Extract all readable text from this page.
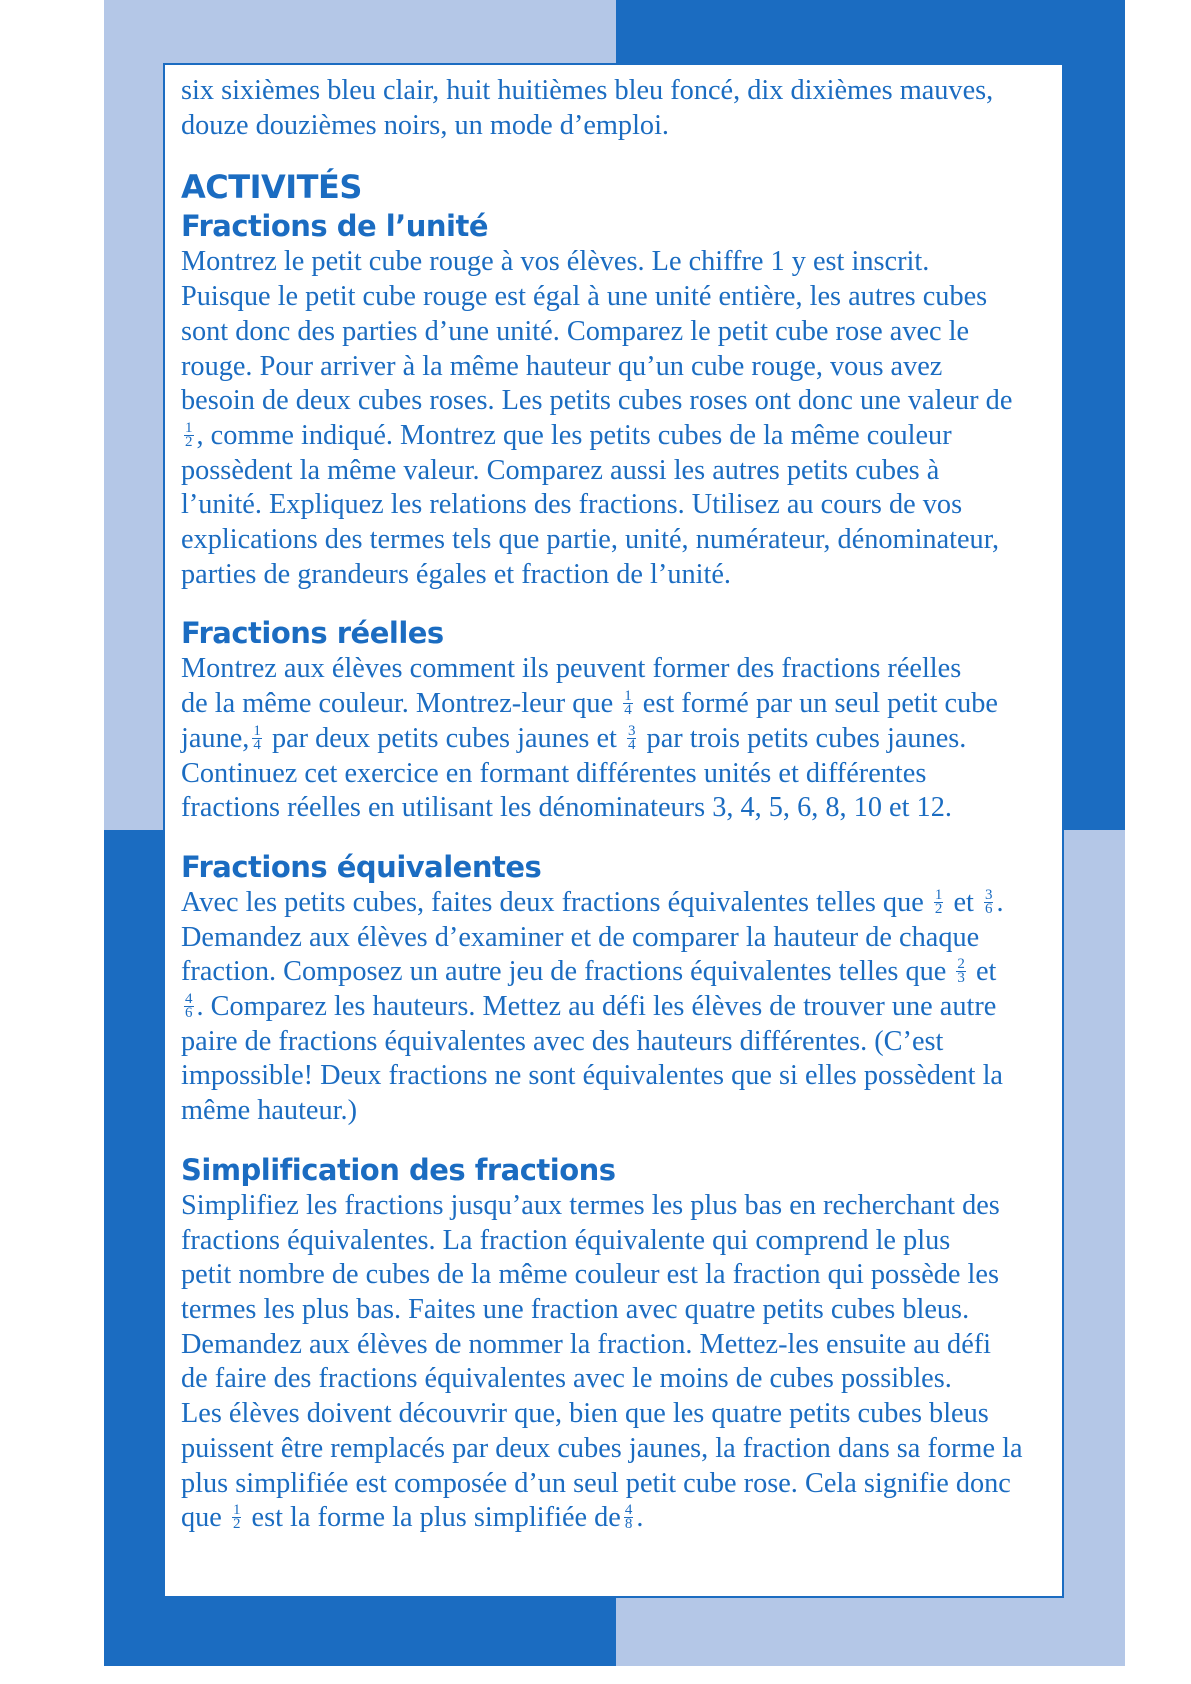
six sixièmes bleu clair, huit huitièmes bleu foncé, dix dixièmes mauves,
douze douzièmes noirs, un mode d’emploi.

ACTIVITÉS
Fractions de l’unité

Montrez le petit cube rouge à vos élèves. Le chiffre 1 y est inscrit.
Puisque le petit cube rouge est égal à une unité entière, les autres cubes
sont donc des parties d’une unité. Comparez le petit cube rose avec le
rouge. Pour arriver à la même hauteur qu’un cube rouge, vous avez
besoin de deux cubes roses. Les petits cubes roses ont donc une valeur de

$\frac{1}{2}$ , comme indiqué. Montrez que les petits cubes de la même couleur
possèdent la même valeur. Comparez aussi les autres petits cubes à
l’unité. Expliquez les relations des fractions. Utilisez au cours de vos
explications des termes tels que partie, unité, numérateur, dénominateur,
parties de grandeurs égales et fraction de l’unité.

Fractions réelles

Montrez aux élèves comment ils peuvent former des fractions réelles
de la même couleur. Montrez-leur que $\frac{1}{4}$ est formé par un seul petit cube
jaune, $\frac{1}{4}$ par deux petits cubes jaunes et $\frac{3}{4}$ par trois petits cubes jaunes.
Continuez cet exercice en formant différentes unités et différentes
fractions réelles en utilisant les dénominateurs 3, 4, 5, 6, 8, 10 et 12.

Fractions équivalentes

Avec les petits cubes, faites deux fractions équivalentes telles que $\frac{1}{2}$ et $\frac{3}{6}$ .
Demandez aux élèves d’examiner et de comparer la hauteur de chaque
fraction. Composez un autre jeu de fractions équivalentes telles que $\frac{2}{3}$ et

$\frac{4}{6}$ . Comparez les hauteurs. Mettez au défi les élèves de trouver une autre
paire de fractions équivalentes avec des hauteurs différentes. (C’est
impossible! Deux fractions ne sont équivalentes que si elles possèdent la
même hauteur.)

Simplification des fractions

Simplifiez les fractions jusqu’aux termes les plus bas en recherchant des
fractions équivalentes. La fraction équivalente qui comprend le plus
petit nombre de cubes de la même couleur est la fraction qui possède les
termes les plus bas. Faites une fraction avec quatre petits cubes bleus.
Demandez aux élèves de nommer la fraction. Mettez-les ensuite au défi
de faire des fractions équivalentes avec le moins de cubes possibles.
Les élèves doivent découvrir que, bien que les quatre petits cubes bleus
puissent être remplacés par deux cubes jaunes, la fraction dans sa forme la
plus simplifiée est composée d’un seul petit cube rose. Cela signifie donc
que $\frac{1}{2}$ est la forme la plus simplifiée de $\frac{4}{8}$ .
